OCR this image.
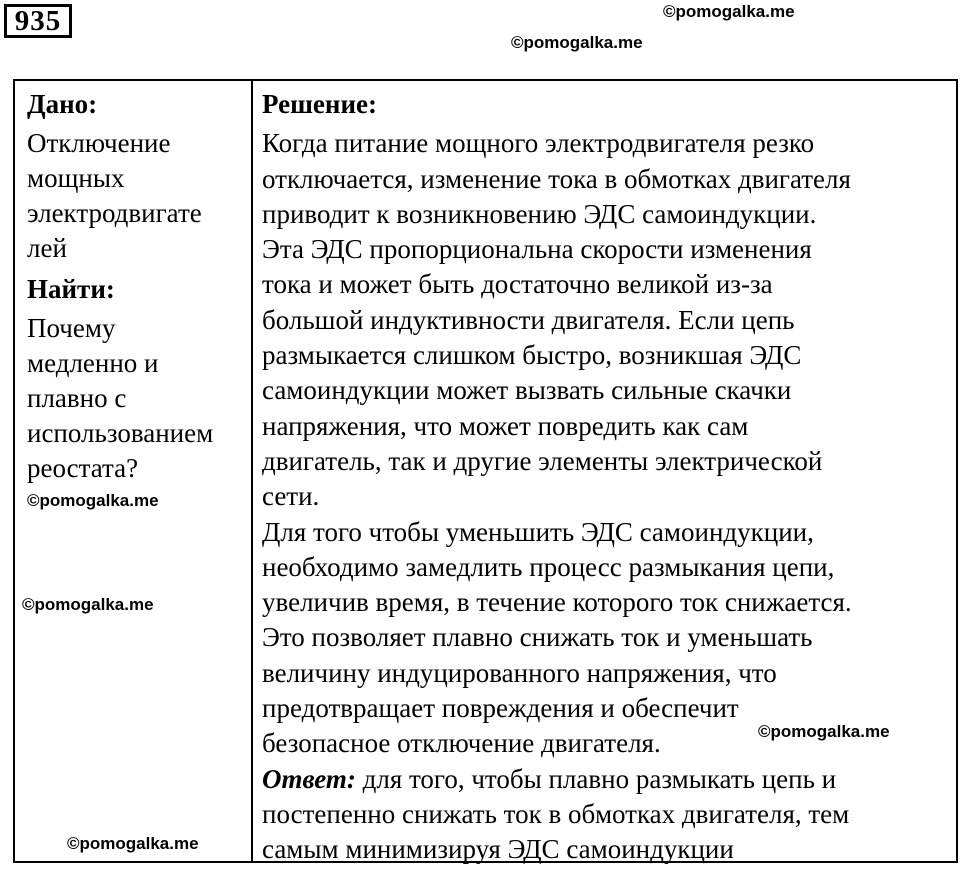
935	©pomogalka.me
©pomogalka.me
Дано:

Отключение

мощных

электродвигате

лей

Найти:

Почему

медленно и

плавно с

использованием

реостата?

Решение:

Когда питание мощного электродвигателя резко

отключается, изменение тока в обмотках двигателя

приводит к возникновению ЭДС самоиндукции.

Эта ЭДС пропорциональна скорости изменения

тока и может быть достаточно великой из-за

большой индуктивности двигателя. Если цепь

размыкается слишком быстро, возникшая ЭДС

самоиндукции может вызвать сильные скачки

напряжения, что может повредить как сам

двигатель, так и другие элементы электрической

сети.

Для того чтобы уменьшить ЭДС самоиндукции,

необходимо замедлить процесс размыкания цепи,

увеличив время, в течение которого ток снижается.

Это позволяет плавно снижать ток и уменьшать

величину индуцированного напряжения, что

предотвращает повреждения и обеспечит

безопасное отключение двигателя.

Ответ: для того, чтобы плавно размыкать цепь и

постепенно снижать ток в обмотках двигателя, тем

самым минимизируя ЭДС самоиндукции

©pomogalka.me
©pomogalka.me
©pomogalka.me
©pomogalka.me
